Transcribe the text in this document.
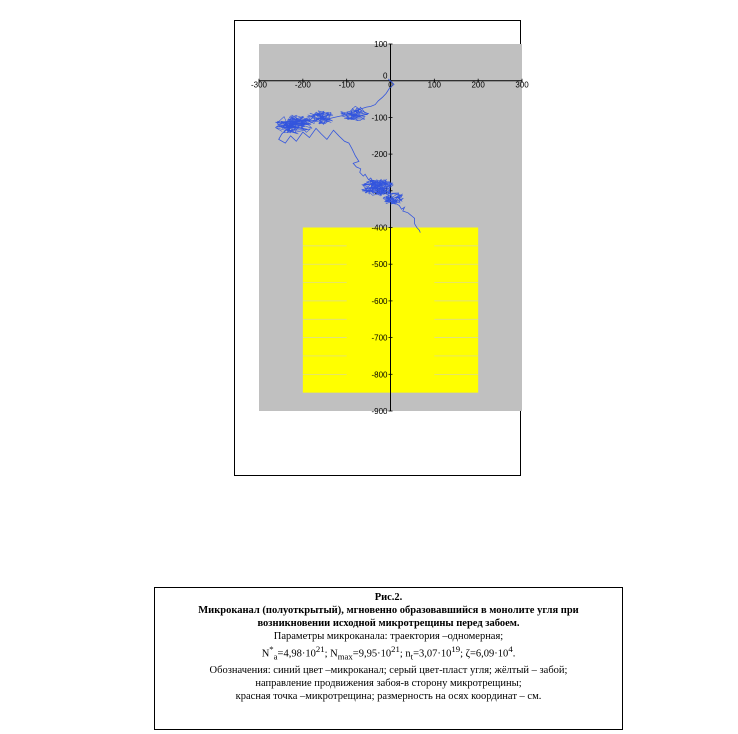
-300	-200	-100	0	100	200	300
100
0
-100
-200
-300
-400
-500
-600
-700
-800
-900

Рис.2.

Микроканал (полуоткрытый), мгновенно образовавшийся в монолите угля при

возникновении исходной микротрещины перед забоем.

Параметры микроканала: траектория –одномерная;

$N^*_a=4,98\cdot 10^{21}$; $N_{max}=9,95\cdot 10^{21}$; $n_t=3,07\cdot 10^{19}$; $\zeta=6,09\cdot 10^4$.

Обозначения: синий цвет –микроканал; серый цвет-пласт угля; жёлтый – забой;

направление продвижения забоя-в сторону микротрещины;

красная точка –микротрещина; размерность на осях координат – см.
